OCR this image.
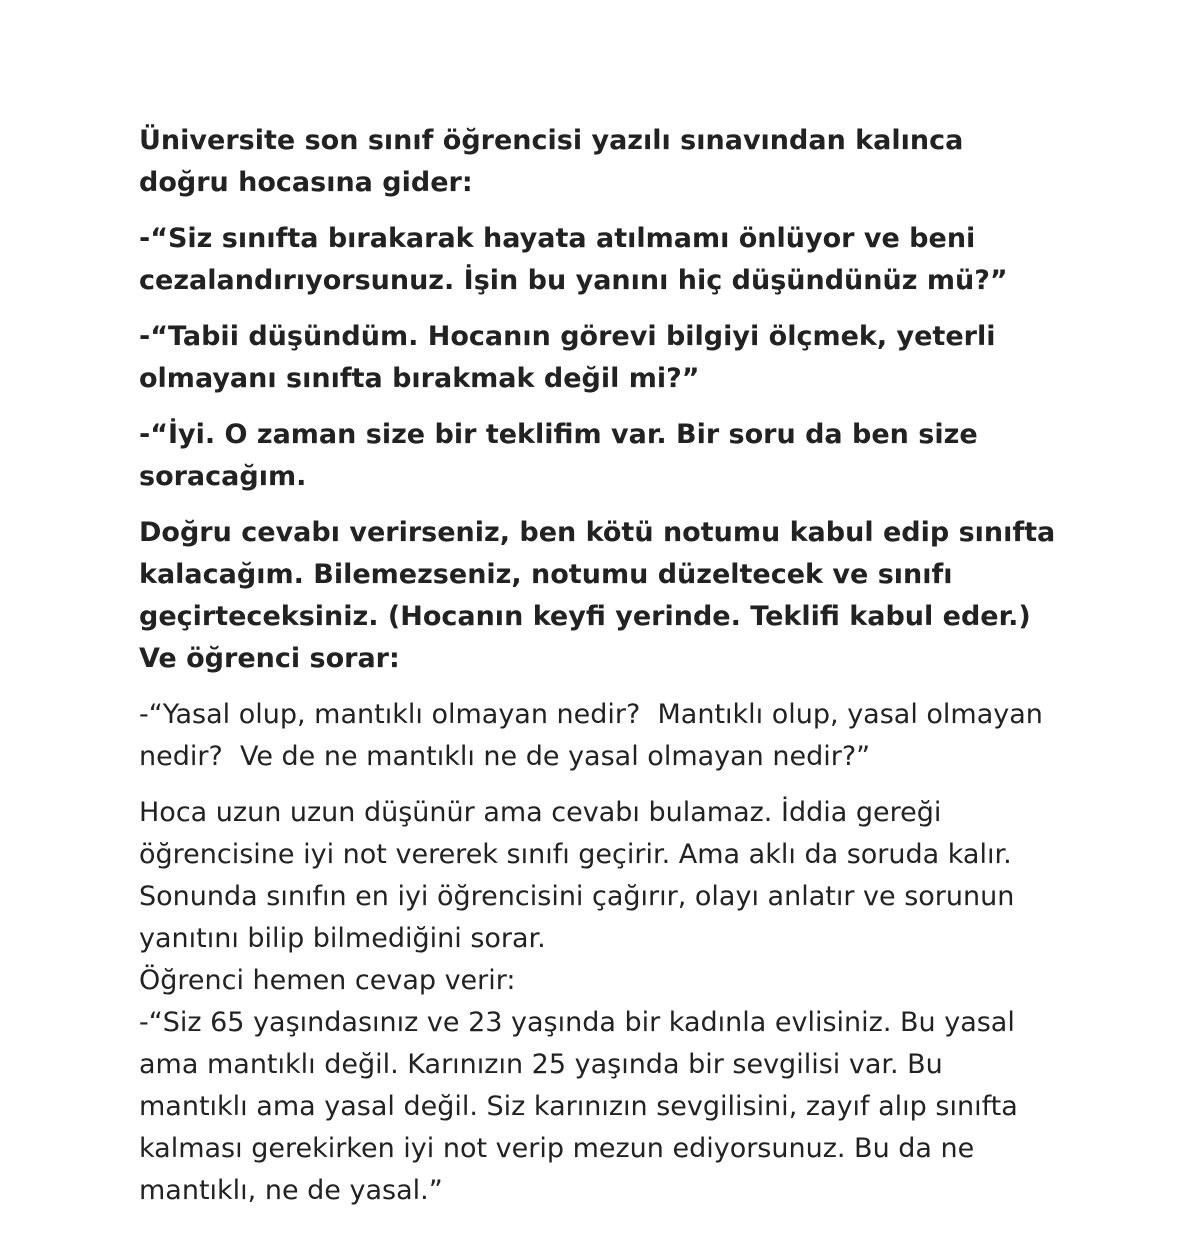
Üniversite son sınıf öğrencisi yazılı sınavından kalınca doğru hocasına gider:

-“Siz sınıfta bırakarak hayata atılmamı önlüyor ve beni cezalandırıyorsunuz. İşin bu yanını hiç düşündünüz mü?”

-“Tabii düşündüm. Hocanın görevi bilgiyi ölçmek, yeterli olmayanı sınıfta bırakmak değil mi?”

-“İyi. O zaman size bir teklifim var. Bir soru da ben size soracağım.

Doğru cevabı verirseniz, ben kötü notumu kabul edip sınıfta kalacağım. Bilemezseniz, notumu düzeltecek ve sınıfı geçirteceksiniz. (Hocanın keyfi yerinde. Teklifi kabul eder.)
Ve öğrenci sorar:

-“Yasal olup, mantıklı olmayan nedir?  Mantıklı olup, yasal olmayan nedir?  Ve de ne mantıklı ne de yasal olmayan nedir?”

Hoca uzun uzun düşünür ama cevabı bulamaz. İddia gereği öğrencisine iyi not vererek sınıfı geçirir. Ama aklı da soruda kalır. Sonunda sınıfın en iyi öğrencisini çağırır, olayı anlatır ve sorunun yanıtını bilip bilmediğini sorar.
Öğrenci hemen cevap verir:
-“Siz 65 yaşındasınız ve 23 yaşında bir kadınla evlisiniz. Bu yasal ama mantıklı değil. Karınızın 25 yaşında bir sevgilisi var. Bu mantıklı ama yasal değil. Siz karınızın sevgilisini, zayıf alıp sınıfta kalması gerekirken iyi not verip mezun ediyorsunuz. Bu da ne mantıklı, ne de yasal.”
